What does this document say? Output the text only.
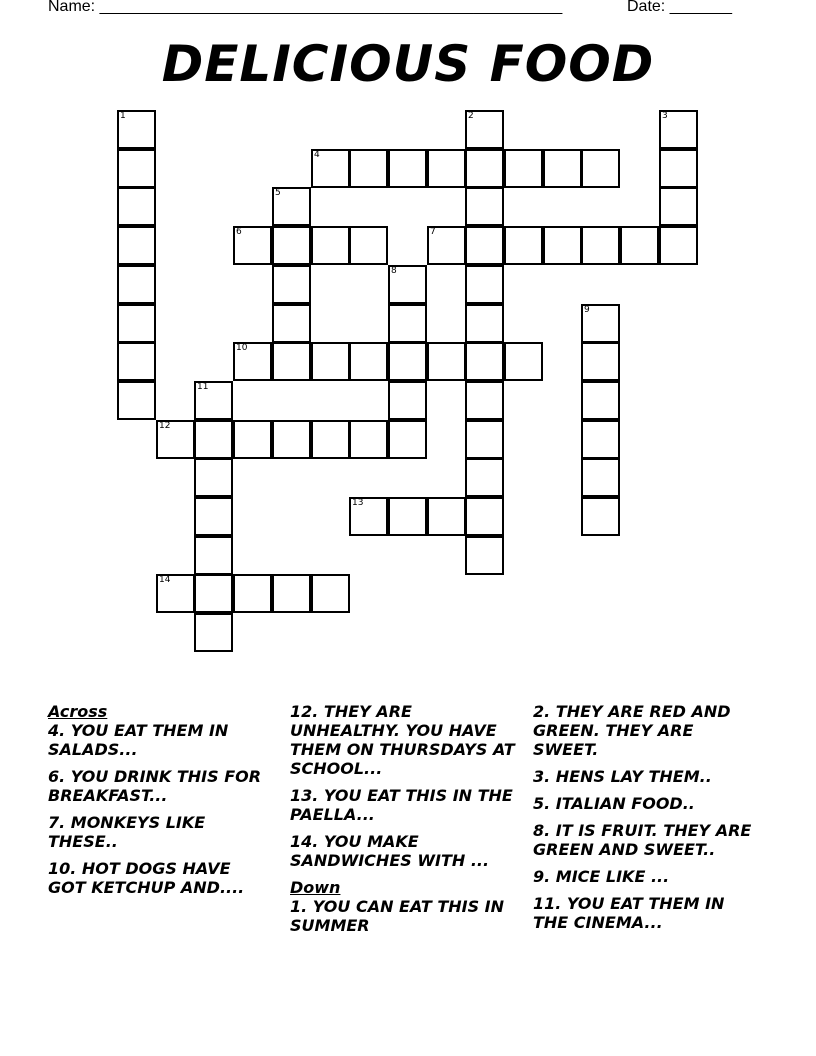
Name: ____________________________________________________	Date: _______
DELICIOUS FOOD
4
6	7
10
12
13
14
1	2	3
5
8
9
11

Across

4. YOU EAT THEM IN SALADS...

6. YOU DRINK THIS FOR BREAKFAST...

7. MONKEYS LIKE THESE..

10. HOT DOGS HAVE GOT KETCHUP AND....

12. THEY ARE UNHEALTHY. YOU HAVE THEM ON THURSDAYS AT SCHOOL...

13. YOU EAT THIS IN THE PAELLA...

14. YOU MAKE SANDWICHES WITH ...

Down

1. YOU CAN EAT THIS IN SUMMER

2. THEY ARE RED AND GREEN. THEY ARE SWEET.

3. HENS LAY THEM..

5. ITALIAN FOOD..

8. IT IS FRUIT. THEY ARE GREEN AND SWEET..

9. MICE LIKE ...

11. YOU EAT THEM IN THE CINEMA...
